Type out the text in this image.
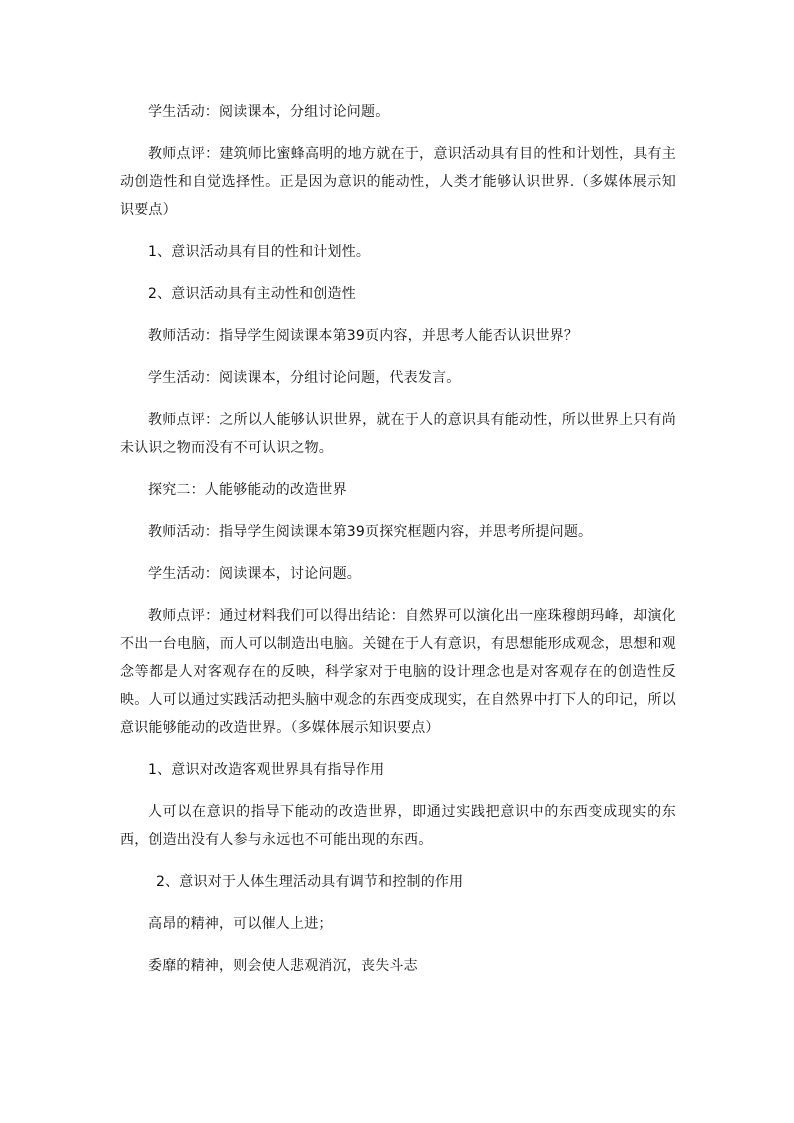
学生活动：阅读课本，分组讨论问题。

教师点评：建筑师比蜜蜂高明的地方就在于，意识活动具有目的性和计划性，具有主动创造性和自觉选择性。正是因为意识的能动性，人类才能够认识世界.（多媒体展示知识要点）

1、意识活动具有目的性和计划性。

2、意识活动具有主动性和创造性

教师活动：指导学生阅读课本第39页内容，并思考人能否认识世界？

学生活动：阅读课本，分组讨论问题，代表发言。

教师点评：之所以人能够认识世界，就在于人的意识具有能动性，所以世界上只有尚未认识之物而没有不可认识之物。

探究二：人能够能动的改造世界

教师活动：指导学生阅读课本第39页探究框题内容，并思考所提问题。

学生活动：阅读课本，讨论问题。

教师点评：通过材料我们可以得出结论：自然界可以演化出一座珠穆朗玛峰，却演化不出一台电脑，而人可以制造出电脑。关键在于人有意识，有思想能形成观念，思想和观念等都是人对客观存在的反映，科学家对于电脑的设计理念也是对客观存在的创造性反映。人可以通过实践活动把头脑中观念的东西变成现实，在自然界中打下人的印记，所以意识能够能动的改造世界。（多媒体展示知识要点）

1、意识对改造客观世界具有指导作用

人可以在意识的指导下能动的改造世界，即通过实践把意识中的东西变成现实的东西，创造出没有人参与永远也不可能出现的东西。

2、意识对于人体生理活动具有调节和控制的作用

高昂的精神，可以催人上进；

委靡的精神，则会使人悲观消沉，丧失斗志
